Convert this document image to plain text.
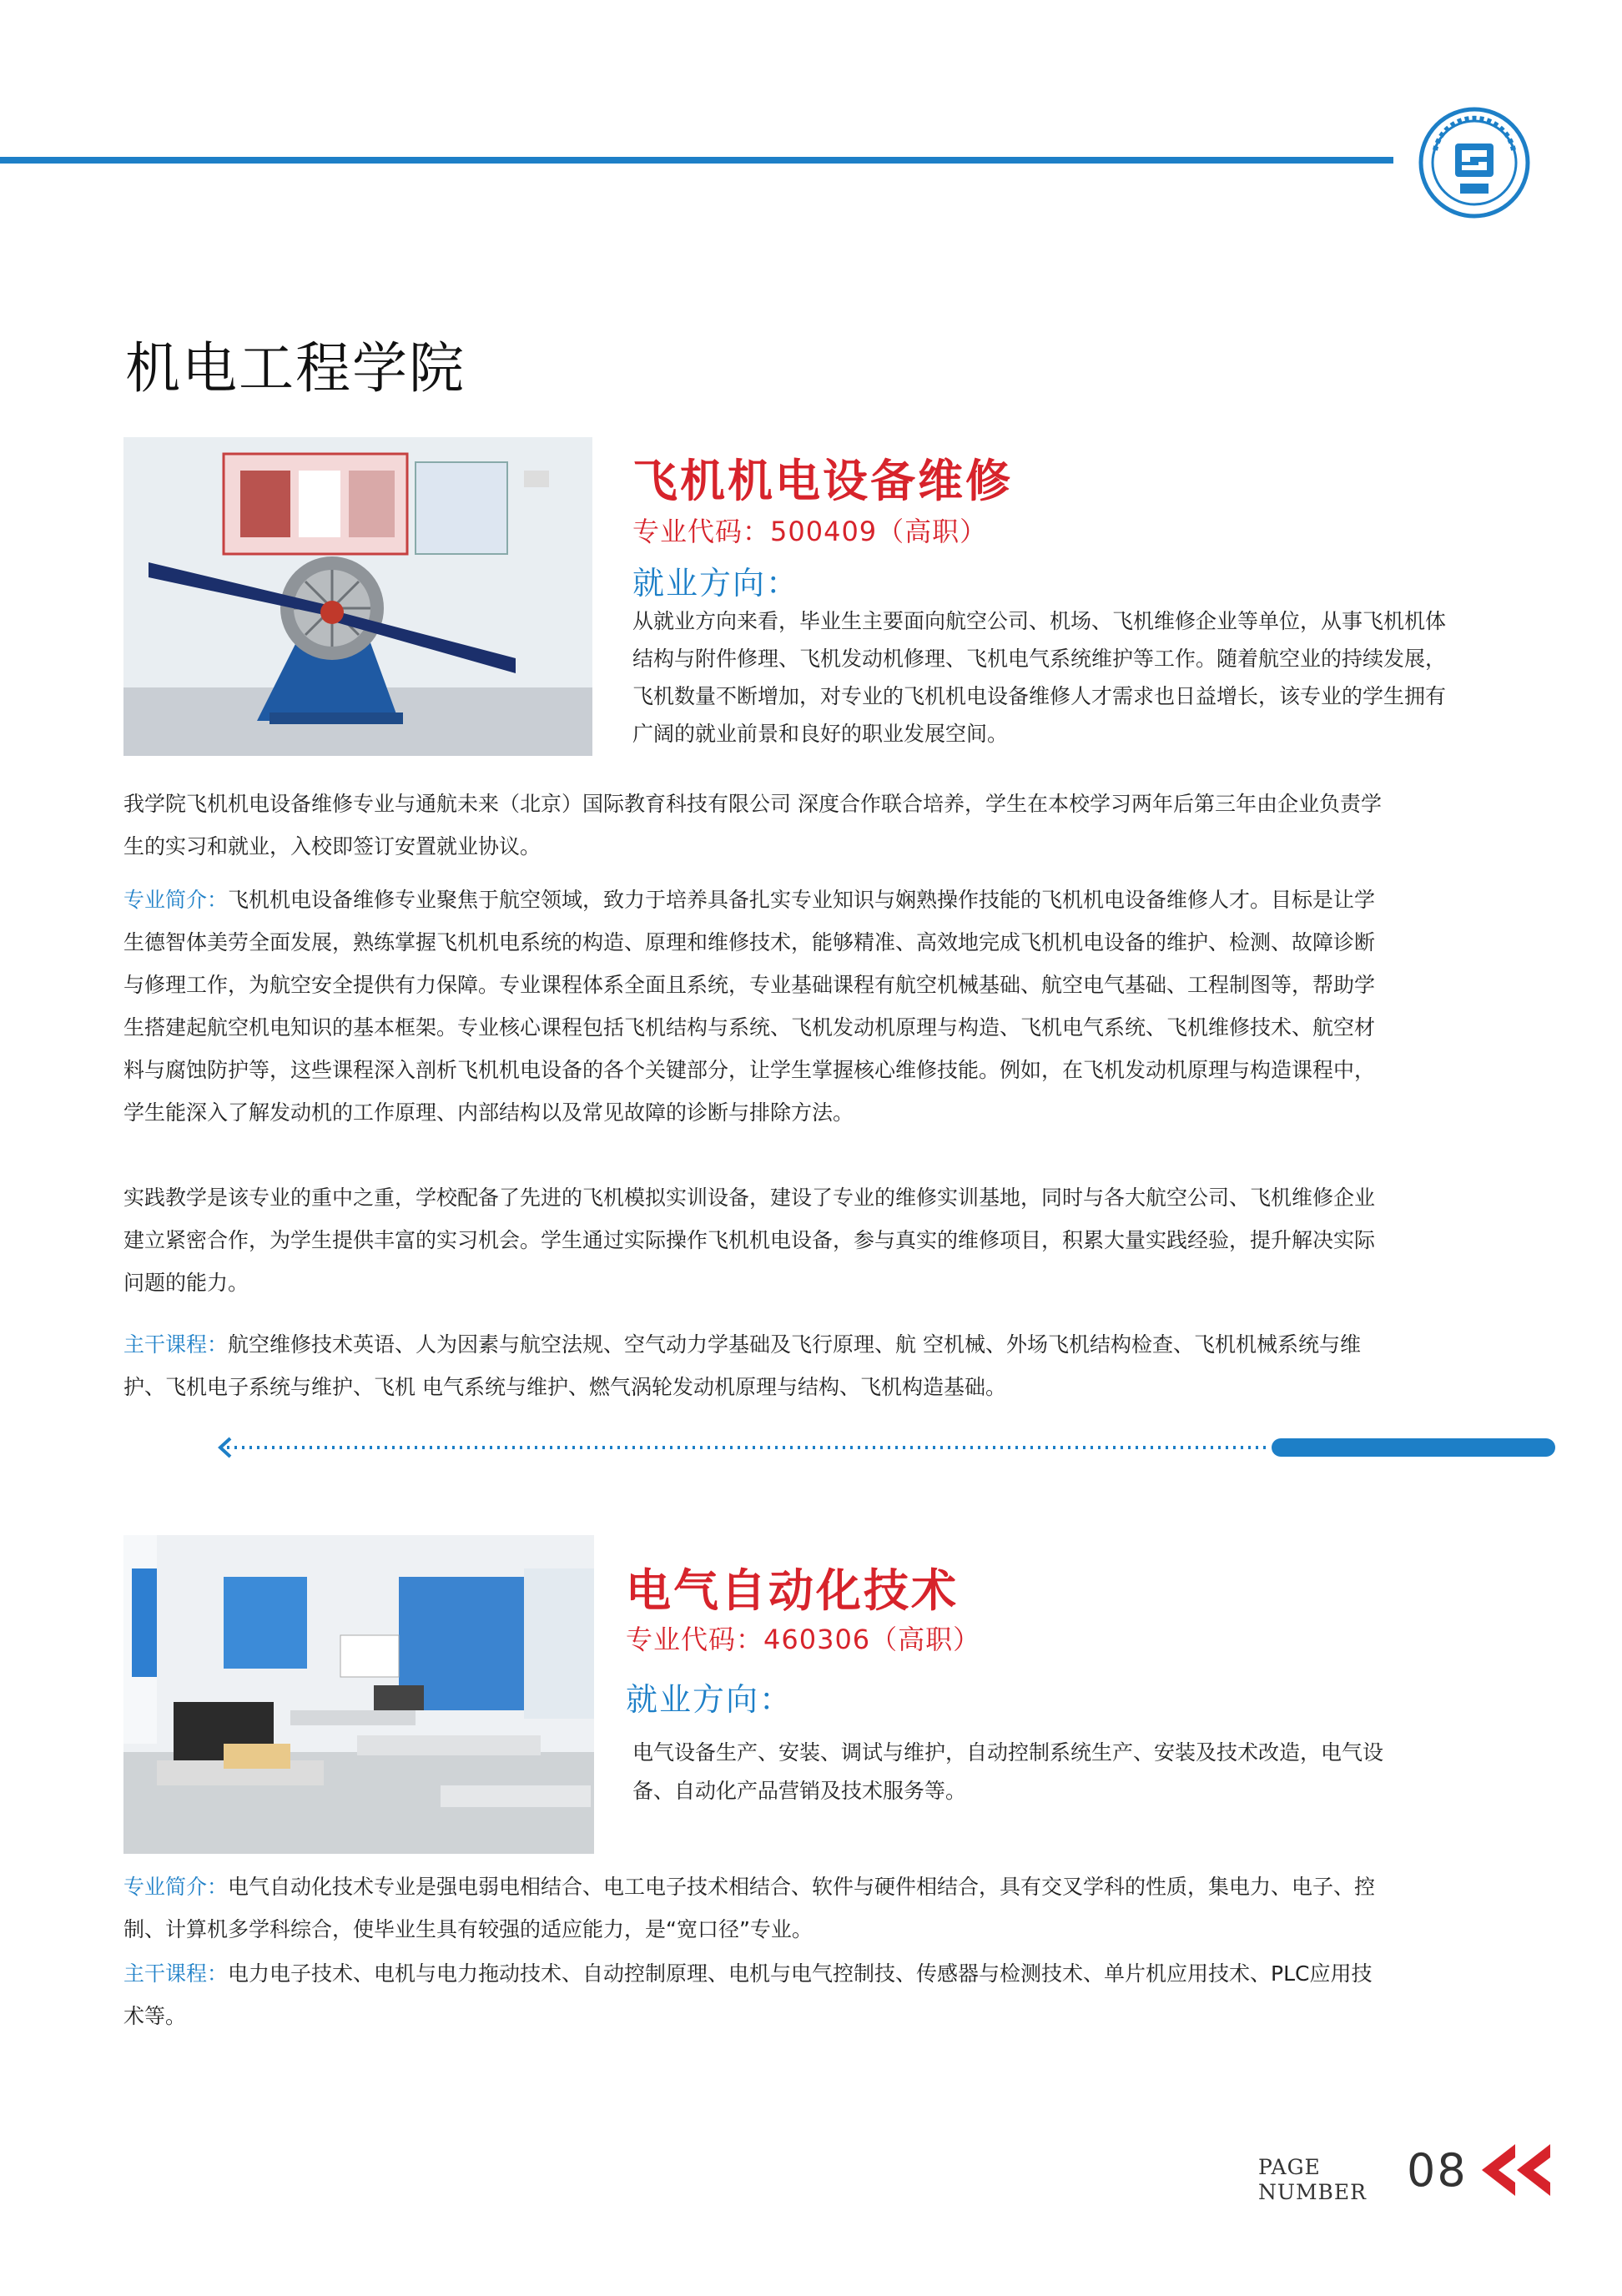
机电工程学院
飞机机电设备维修
专业代码：500409（高职）
就业方向：
从就业方向来看，毕业生主要面向航空公司、机场、飞机维修企业等单位，从事飞机机体
结构与附件修理、飞机发动机修理、飞机电气系统维护等工作。随着航空业的持续发展，
飞机数量不断增加，对专业的飞机机电设备维修人才需求也日益增长，该专业的学生拥有
广阔的就业前景和良好的职业发展空间。
我学院飞机机电设备维修专业与通航未来（北京）国际教育科技有限公司 深度合作联合培养，学生在本校学习两年后第三年由企业负责学
生的实习和就业，入校即签订安置就业协议。
专业简介：飞机机电设备维修专业聚焦于航空领域，致力于培养具备扎实专业知识与娴熟操作技能的飞机机电设备维修人才。目标是让学
生德智体美劳全面发展，熟练掌握飞机机电系统的构造、原理和维修技术，能够精准、高效地完成飞机机电设备的维护、检测、故障诊断
与修理工作，为航空安全提供有力保障。专业课程体系全面且系统，专业基础课程有航空机械基础、航空电气基础、工程制图等，帮助学
生搭建起航空机电知识的基本框架。专业核心课程包括飞机结构与系统、飞机发动机原理与构造、飞机电气系统、飞机维修技术、航空材
料与腐蚀防护等，这些课程深入剖析飞机机电设备的各个关键部分，让学生掌握核心维修技能。例如，在飞机发动机原理与构造课程中，
学生能深入了解发动机的工作原理、内部结构以及常见故障的诊断与排除方法。
实践教学是该专业的重中之重，学校配备了先进的飞机模拟实训设备，建设了专业的维修实训基地，同时与各大航空公司、飞机维修企业
建立紧密合作，为学生提供丰富的实习机会。学生通过实际操作飞机机电设备，参与真实的维修项目，积累大量实践经验，提升解决实际
问题的能力。
主干课程：航空维修技术英语、人为因素与航空法规、空气动力学基础及飞行原理、航 空机械、外场飞机结构检查、飞机机械系统与维
护、飞机电子系统与维护、飞机 电气系统与维护、燃气涡轮发动机原理与结构、飞机构造基础。
电气自动化技术
专业代码：460306（高职）
就业方向：
电气设备生产、安装、调试与维护，自动控制系统生产、安装及技术改造，电气设
备、自动化产品营销及技术服务等。
专业简介：电气自动化技术专业是强电弱电相结合、电工电子技术相结合、软件与硬件相结合，具有交叉学科的性质，集电力、电子、控
制、计算机多学科综合，使毕业生具有较强的适应能力，是“宽口径”专业。
主干课程：电力电子技术、电机与电力拖动技术、自动控制原理、电机与电气控制技、传感器与检测技术、单片机应用技术、PLC应用技
术等。
PAGE
NUMBER 08
